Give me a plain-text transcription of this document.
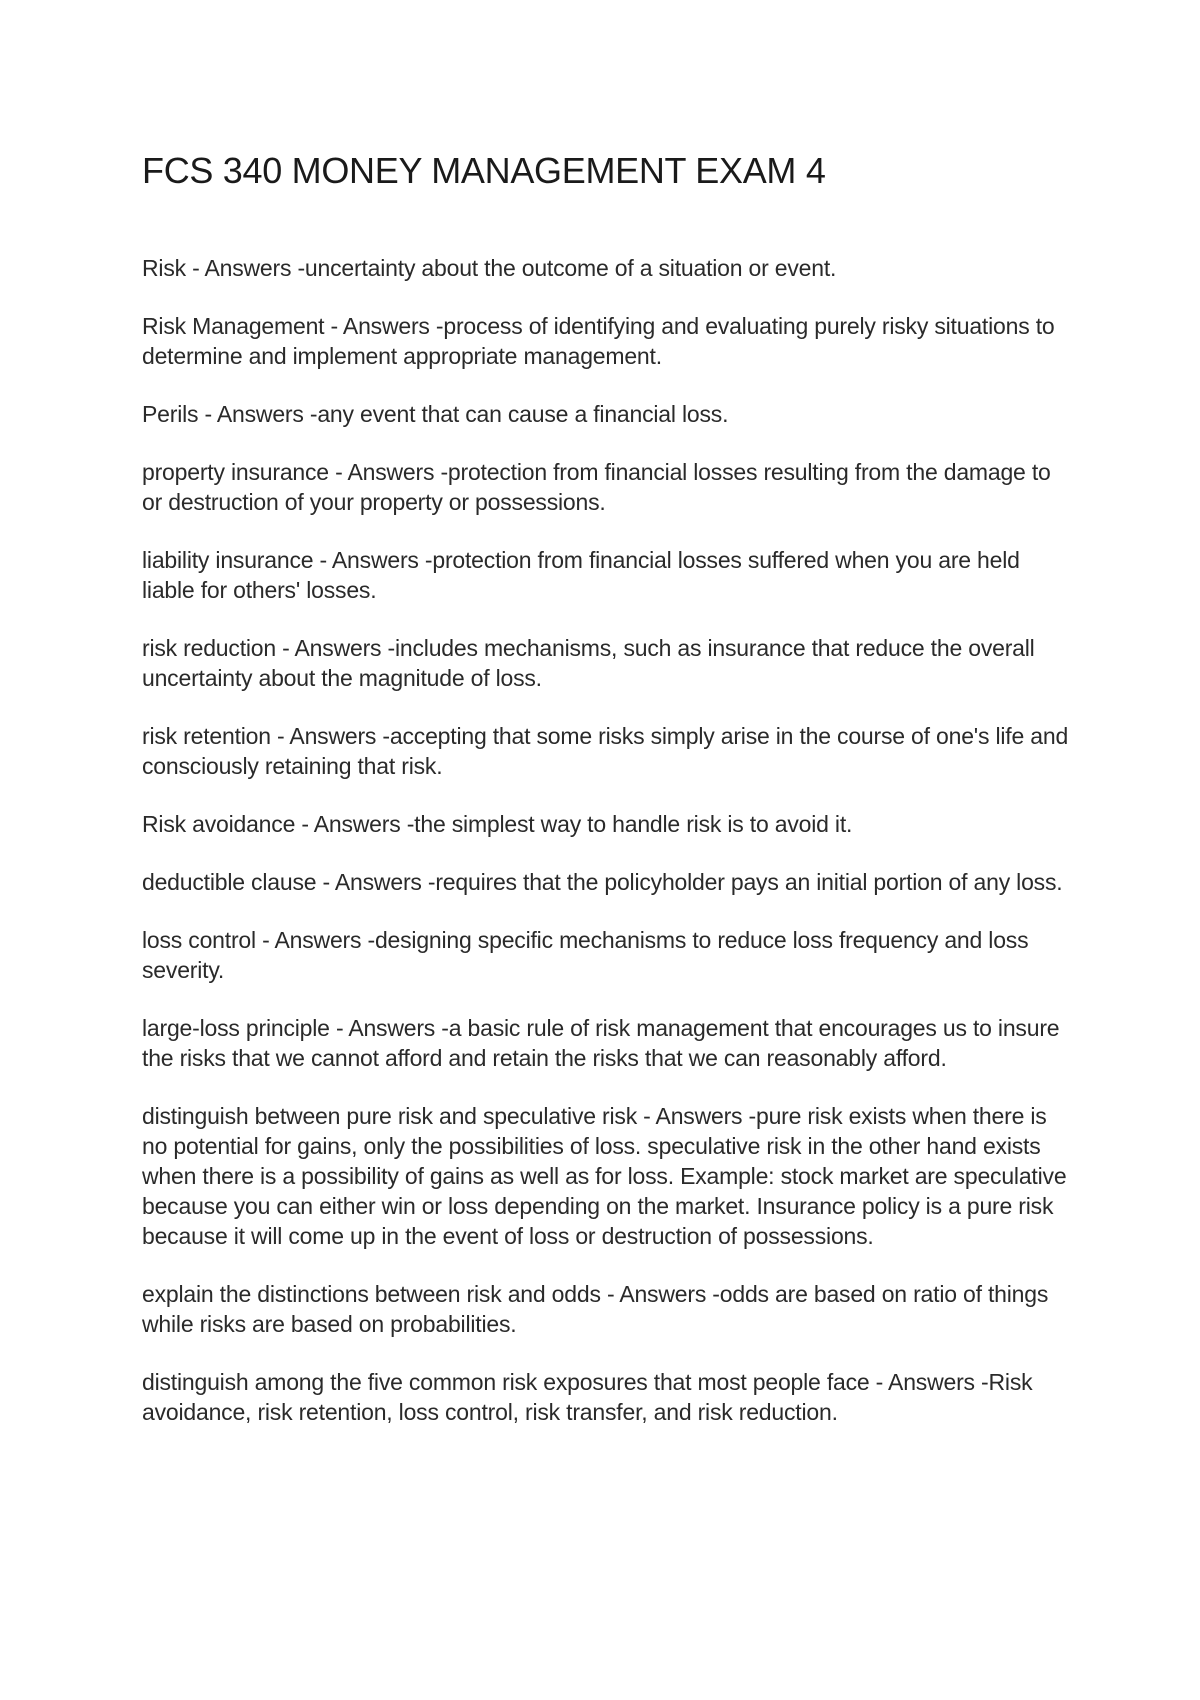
FCS 340 MONEY MANAGEMENT EXAM 4

Risk - Answers -uncertainty about the outcome of a situation or event.

Risk Management - Answers -process of identifying and evaluating purely risky situations to determine and implement appropriate management.

Perils - Answers -any event that can cause a financial loss.

property insurance - Answers -protection from financial losses resulting from the damage to or destruction of your property or possessions.

liability insurance - Answers -protection from financial losses suffered when you are held liable for others' losses.

risk reduction - Answers -includes mechanisms, such as insurance that reduce the overall uncertainty about the magnitude of loss.

risk retention - Answers -accepting that some risks simply arise in the course of one's life and consciously retaining that risk.

Risk avoidance - Answers -the simplest way to handle risk is to avoid it.

deductible clause - Answers -requires that the policyholder pays an initial portion of any loss.

loss control - Answers -designing specific mechanisms to reduce loss frequency and loss severity.

large-loss principle - Answers -a basic rule of risk management that encourages us to insure the risks that we cannot afford and retain the risks that we can reasonably afford.

distinguish between pure risk and speculative risk - Answers -pure risk exists when there is no potential for gains, only the possibilities of loss. speculative risk in the other hand exists when there is a possibility of gains as well as for loss. Example: stock market are speculative because you can either win or loss depending on the market. Insurance policy is a pure risk because it will come up in the event of loss or destruction of possessions.

explain the distinctions between risk and odds - Answers -odds are based on ratio of things while risks are based on probabilities.

distinguish among the five common risk exposures that most people face - Answers -Risk avoidance, risk retention, loss control, risk transfer, and risk reduction.
